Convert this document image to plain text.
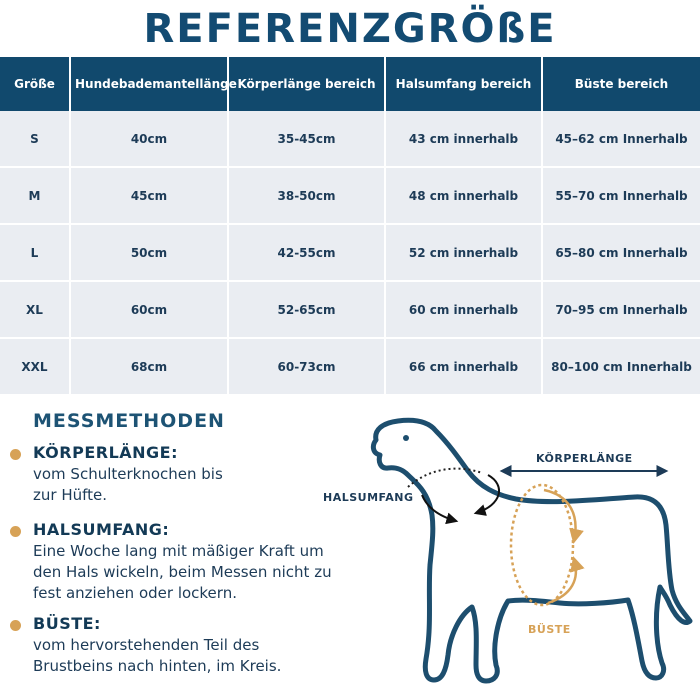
REFERENZGRÖßE
Größe	Hundebademantellänge	Körperlänge bereich	Halsumfang bereich	Büste bereich
S	40cm	35-45cm	43 cm innerhalb	45–62 cm Innerhalb
M	45cm	38-50cm	48 cm innerhalb	55–70 cm Innerhalb
L	50cm	42-55cm	52 cm innerhalb	65–80 cm Innerhalb
XL	60cm	52-65cm	60 cm innerhalb	70–95 cm Innerhalb
XXL	68cm	60-73cm	66 cm innerhalb	80–100 cm Innerhalb
MESSMETHODEN
KÖRPERLÄNGE:
vom Schulterknochen bis zur Hüfte.
HALSUMFANG:
Eine Woche lang mit mäßiger Kraft um den Hals wickeln, beim Messen nicht zu fest anziehen oder lockern.
BÜSTE:
vom hervorstehenden Teil des Brustbeins nach hinten, im Kreis.
KÖRPERLÄNGE
HALSUMFANG
BÜSTE
